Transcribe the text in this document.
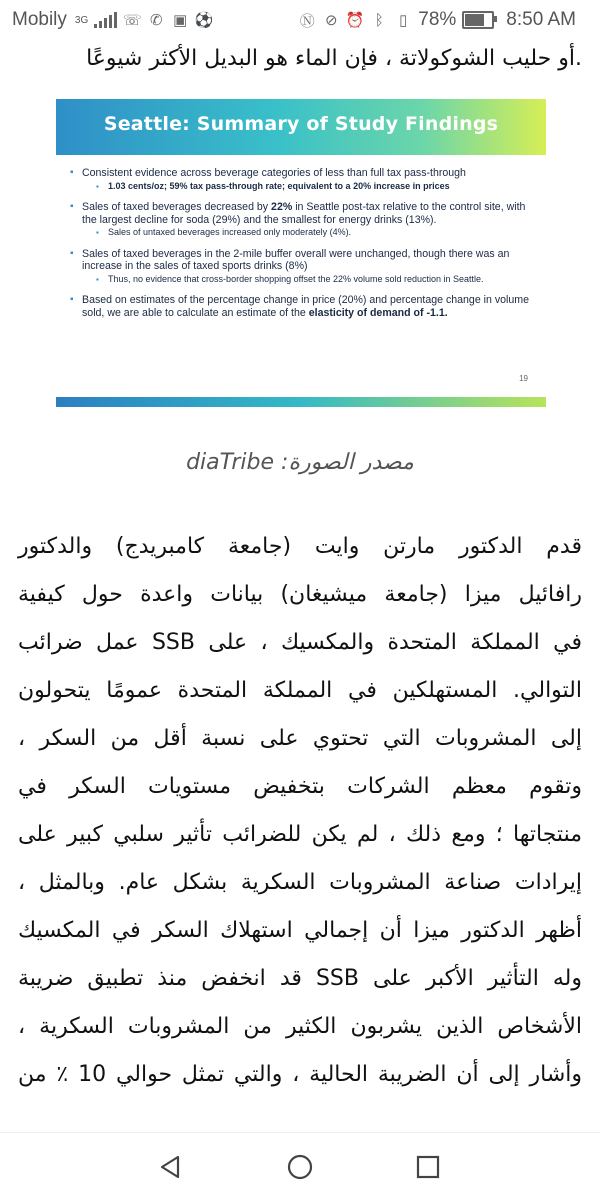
Mobily 3G ☏ ✆ ▣ ⚽	Ⓝ ⊘ ⏰ ᛒ	▯ 78%	8:50 AM
.أو حليب الشوكولاتة ، فإن الماء هو البديل الأكثر شيوعًا
Seattle: Summary of Study Findings
▪ Consistent evidence across beverage categories of less than full tax pass-through
▪ 1.03 cents/oz; 59% tax pass-through rate; equivalent to a 20% increase in prices
▪ Sales of taxed beverages decreased by 22% in Seattle post-tax relative to the control site, with the largest decline for soda (29%) and the smallest for energy drinks (13%).
▪ Sales of untaxed beverages increased only moderately (4%).
▪ Sales of taxed beverages in the 2-mile buffer overall were unchanged, though there was an increase in the sales of taxed sports drinks (8%)
▪ Thus, no evidence that cross-border shopping offset the 22% volume sold reduction in Seattle.
▪ Based on estimates of the percentage change in price (20%) and percentage change in volume sold, we are able to calculate an estimate of the elasticity of demand of -1.1.
19
مصدر الصورة: diaTribe
قدم الدكتور مارتن وايت (جامعة كامبريدج) والدكتور
رافائيل ميزا (جامعة ميشيغان) بيانات واعدة حول كيفية
في المملكة المتحدة والمكسيك ، على SSB عمل ضرائب
التوالي. المستهلكين في المملكة المتحدة عمومًا يتحولون
إلى المشروبات التي تحتوي على نسبة أقل من السكر ،
وتقوم معظم الشركات بتخفيض مستويات السكر في
منتجاتها ؛ ومع ذلك ، لم يكن للضرائب تأثير سلبي كبير على
إيرادات صناعة المشروبات السكرية بشكل عام. وبالمثل ،
أظهر الدكتور ميزا أن إجمالي استهلاك السكر في المكسيك
وله التأثير الأكبر على SSB قد انخفض منذ تطبيق ضريبة
الأشخاص الذين يشربون الكثير من المشروبات السكرية ،
وأشار إلى أن الضريبة الحالية ، والتي تمثل حوالي 10 ٪ من
